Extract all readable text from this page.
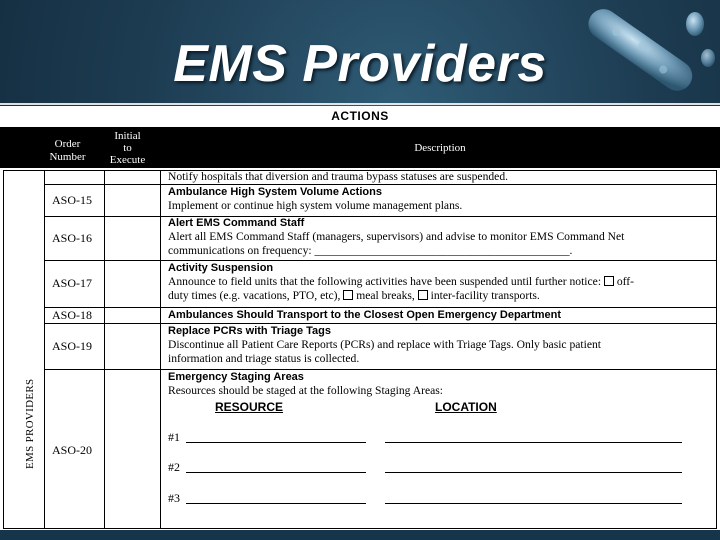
EMS Providers
ACTIONS
Order
Number
Initial
to
Execute
Description
EMS PROVIDERS
Notify hospitals that diversion and trauma bypass statuses are suspended.
ASO-15
Ambulance High System Volume Actions
Implement or continue high system volume management plans.
ASO-16
Alert EMS Command Staff
Alert all EMS Command Staff (managers, supervisors) and advise to monitor EMS Command Net
communications on frequency: ____________________________________________.
ASO-17
Activity Suspension
Announce to field units that the following activities have been suspended until further notice: off-
duty times (e.g. vacations, PTO, etc), meal breaks, inter-facility transports.
ASO-18	Ambulances Should Transport to the Closest Open Emergency Department
ASO-19
Replace PCRs with Triage Tags
Discontinue all Patient Care Reports (PCRs) and replace with Triage Tags. Only basic patient
information and triage status is collected.
ASO-20
Emergency Staging Areas
Resources should be staged at the following Staging Areas:
RESOURCE	LOCATION
#1
#2
#3
